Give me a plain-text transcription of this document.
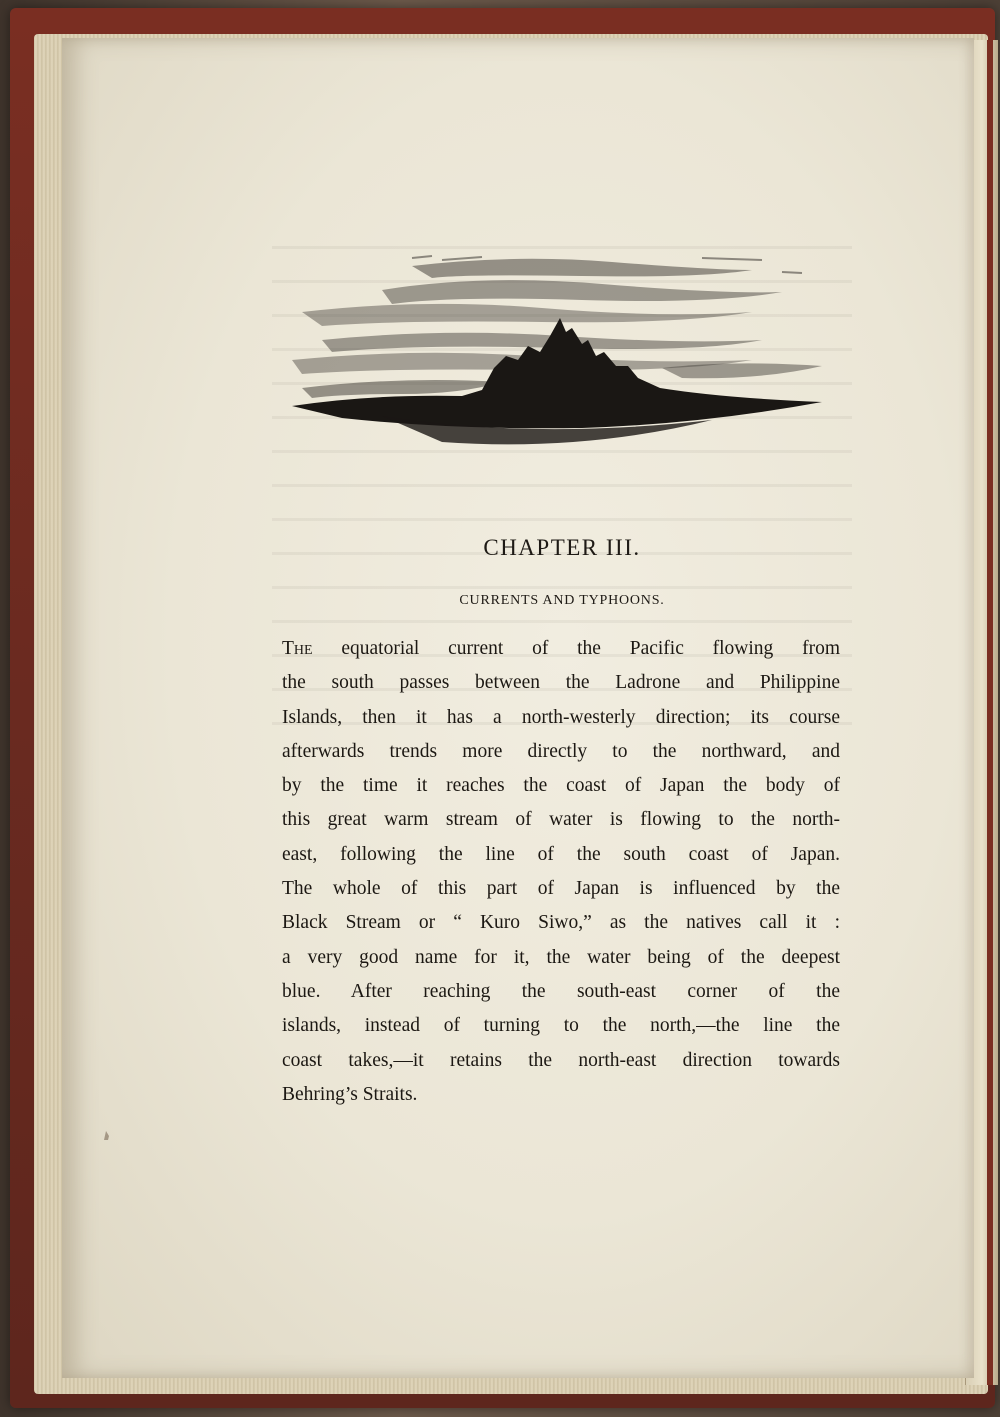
CHAPTER III.
CURRENTS AND TYPHOONS.
The equatorial current of the Pacific flowing from
the south passes between the Ladrone and Philippine
Islands, then it has a north-westerly direction; its course
afterwards trends more directly to the northward, and
by the time it reaches the coast of Japan the body of
this great warm stream of water is flowing to the north-
east, following the line of the south coast of Japan.
The whole of this part of Japan is influenced by the
Black Stream or “ Kuro Siwo,” as the natives call it :
a very good name for it, the water being of the deepest
blue. After reaching the south-east corner of the
islands, instead of turning to the north,—the line the
coast takes,—it retains the north-east direction towards
Behring’s Straits.
